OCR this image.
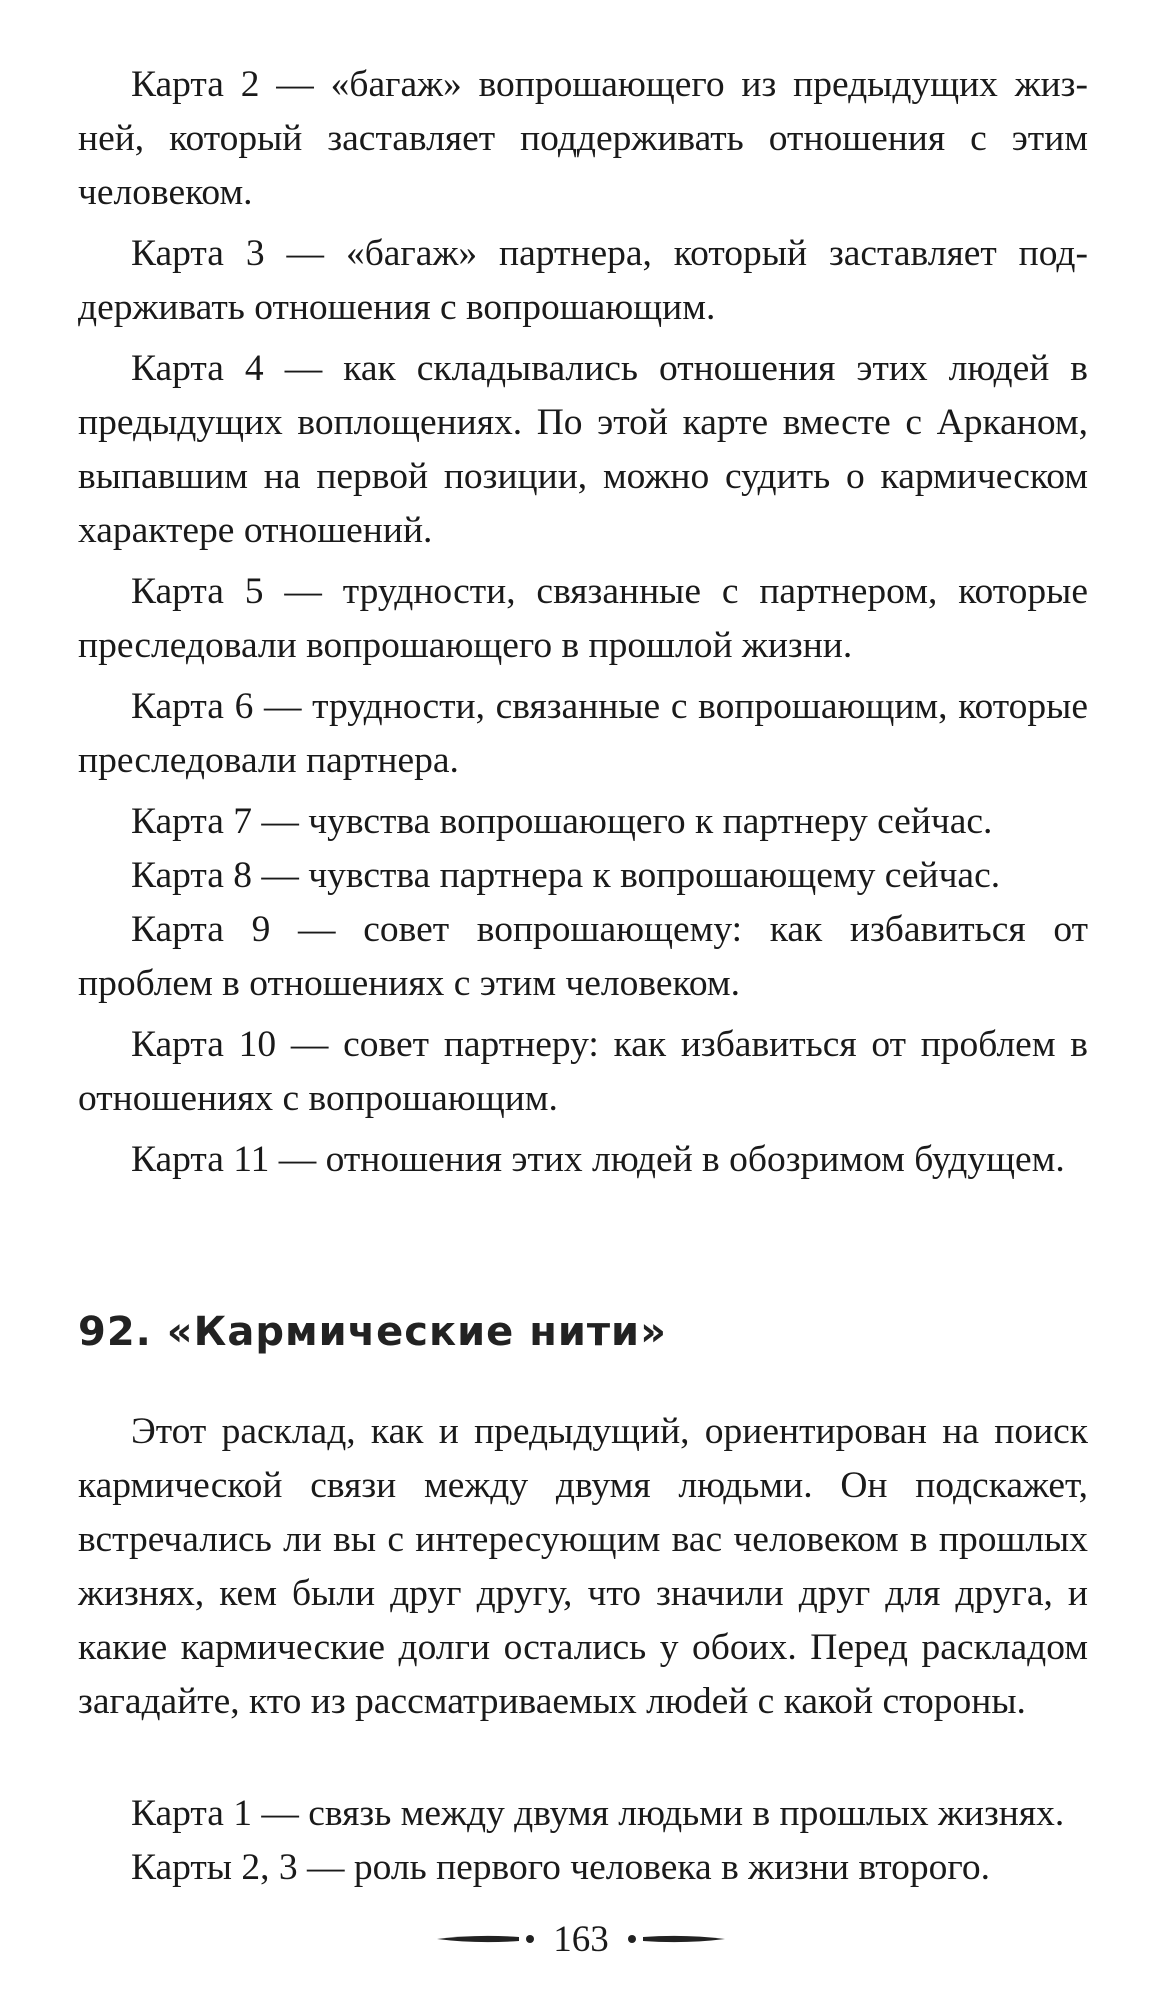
Карта 2 — «багаж» вопрошающего из предыдущих жизней, который заставляет поддерживать отношения с этим человеком.

Карта 3 — «багаж» партнера, который заставляет поддерживать отношения с вопрошающим.

Карта 4 — как складывались отношения этих людей в предыдущих воплощениях. По этой карте вместе с Арканом, выпавшим на первой позиции, можно судить о кармическом характере отношений.

Карта 5 — трудности, связанные с партнером, которые преследовали вопрошающего в прошлой жизни.

Карта 6 — трудности, связанные с вопрошающим, которые преследовали партнера.

Карта 7 — чувства вопрошающего к партнеру сейчас.

Карта 8 — чувства партнера к вопрошающему сейчас.

Карта 9 — совет вопрошающему: как избавиться от проблем в отношениях с этим человеком.

Карта 10 — совет партнеру: как избавиться от проблем в отношениях с вопрошающим.

Карта 11 — отношения этих людей в обозримом будущем.

92. «Кармические нити»

Этот расклад, как и предыдущий, ориентирован на поиск кармической связи между двумя людьми. Он подскажет, встречались ли вы с интересующим вас человеком в прошлых жизнях, кем были друг другу, что значили друг для друга, и какие кармические долги остались у обоих. Перед раскладом загадайте, кто из рассматриваемых люdей с какой стороны.

Карта 1 — связь между двумя людьми в прошлых жизнях.

Карты 2, 3 — роль первого человека в жизни второго.

163
